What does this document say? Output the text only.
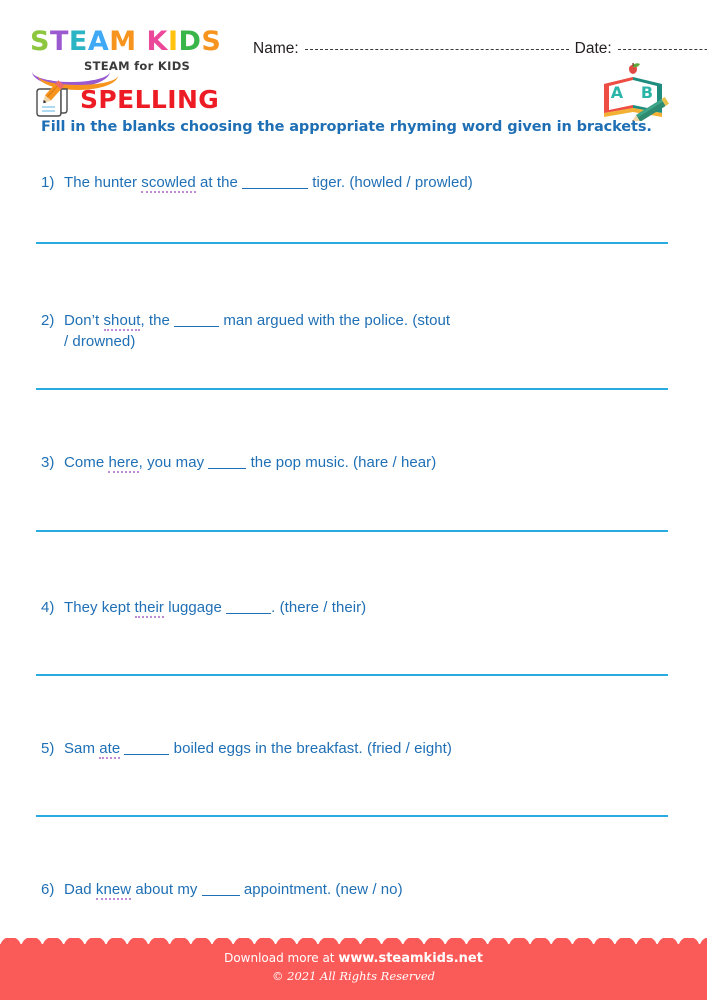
STEAM KIDS
STEAM for KIDS
Name:	Date:
SPELLING	A B
Fill in the blanks choosing the appropriate rhyming word given in brackets.
1) The hunter scowled at the	tiger. (howled / prowled)
2) Don’t shout, the	man argued with the police. (stout
/ drowned)
3) Come here, you may	the pop music. (hare / hear)
4) They kept their luggage	. (there / their)
5) Sam ate	boiled eggs in the breakfast. (fried / eight)
6) Dad knew about my	appointment. (new / no)
Download more at www.steamkids.net
© 2021 All Rights Reserved
